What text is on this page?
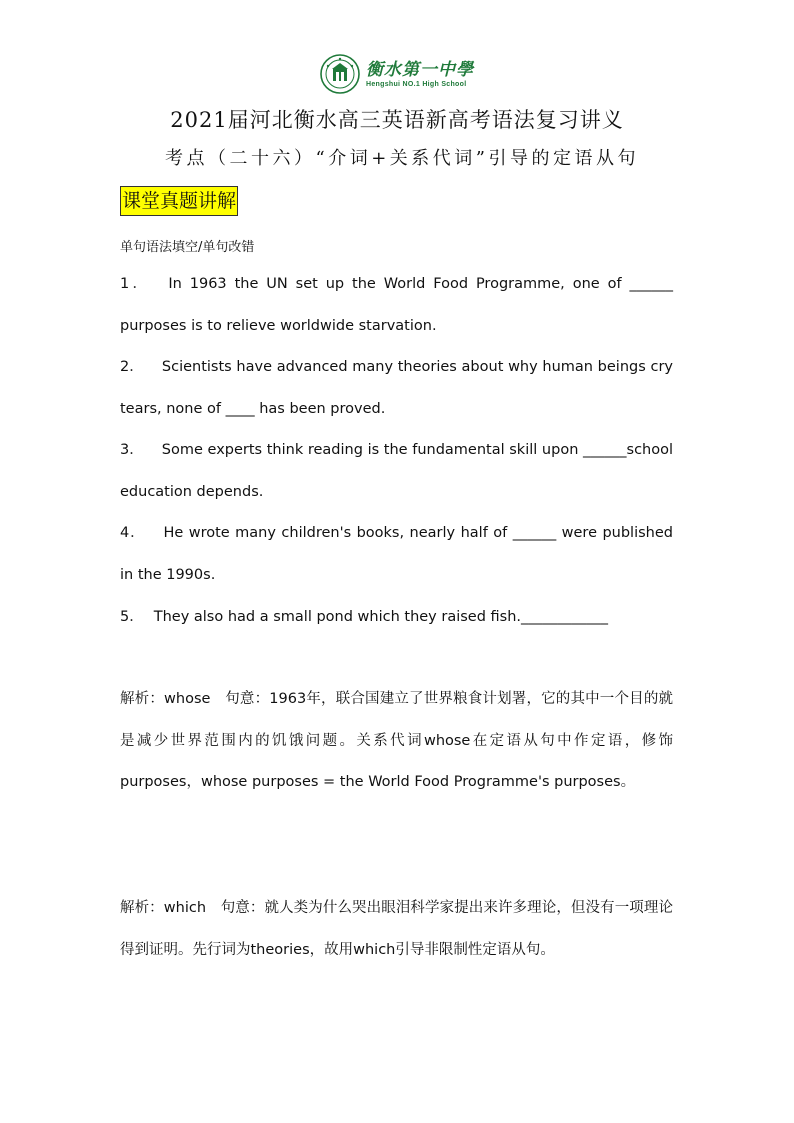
衡水第一中學
Hengshui NO.1 High School
2021届河北衡水高三英语新高考语法复习讲义
考点（二十六）“介词+关系代词”引导的定语从句
课堂真题讲解
单句语法填空/单句改错
1． In 1963 the UN set up the World Food Programme, one of ______ purposes is to relieve worldwide starvation.
2． Scientists have advanced many theories about why human beings cry tears, none of ____ has been proved.
3． Some experts think reading is the fundamental skill upon ______school education depends.
4． He wrote many children's books, nearly half of ______ were published in the 1990s.
5． They also had a small pond which they raised fish.____________
解析：whose　句意：1963年，联合国建立了世界粮食计划署，它的其中一个目的就是减少世界范围内的饥饿问题。关系代词whose在定语从句中作定语，修饰purposes，whose purposes = the World Food Programme's purposes。
解析：which　句意：就人类为什么哭出眼泪科学家提出来许多理论，但没有一项理论得到证明。先行词为theories，故用which引导非限制性定语从句。
